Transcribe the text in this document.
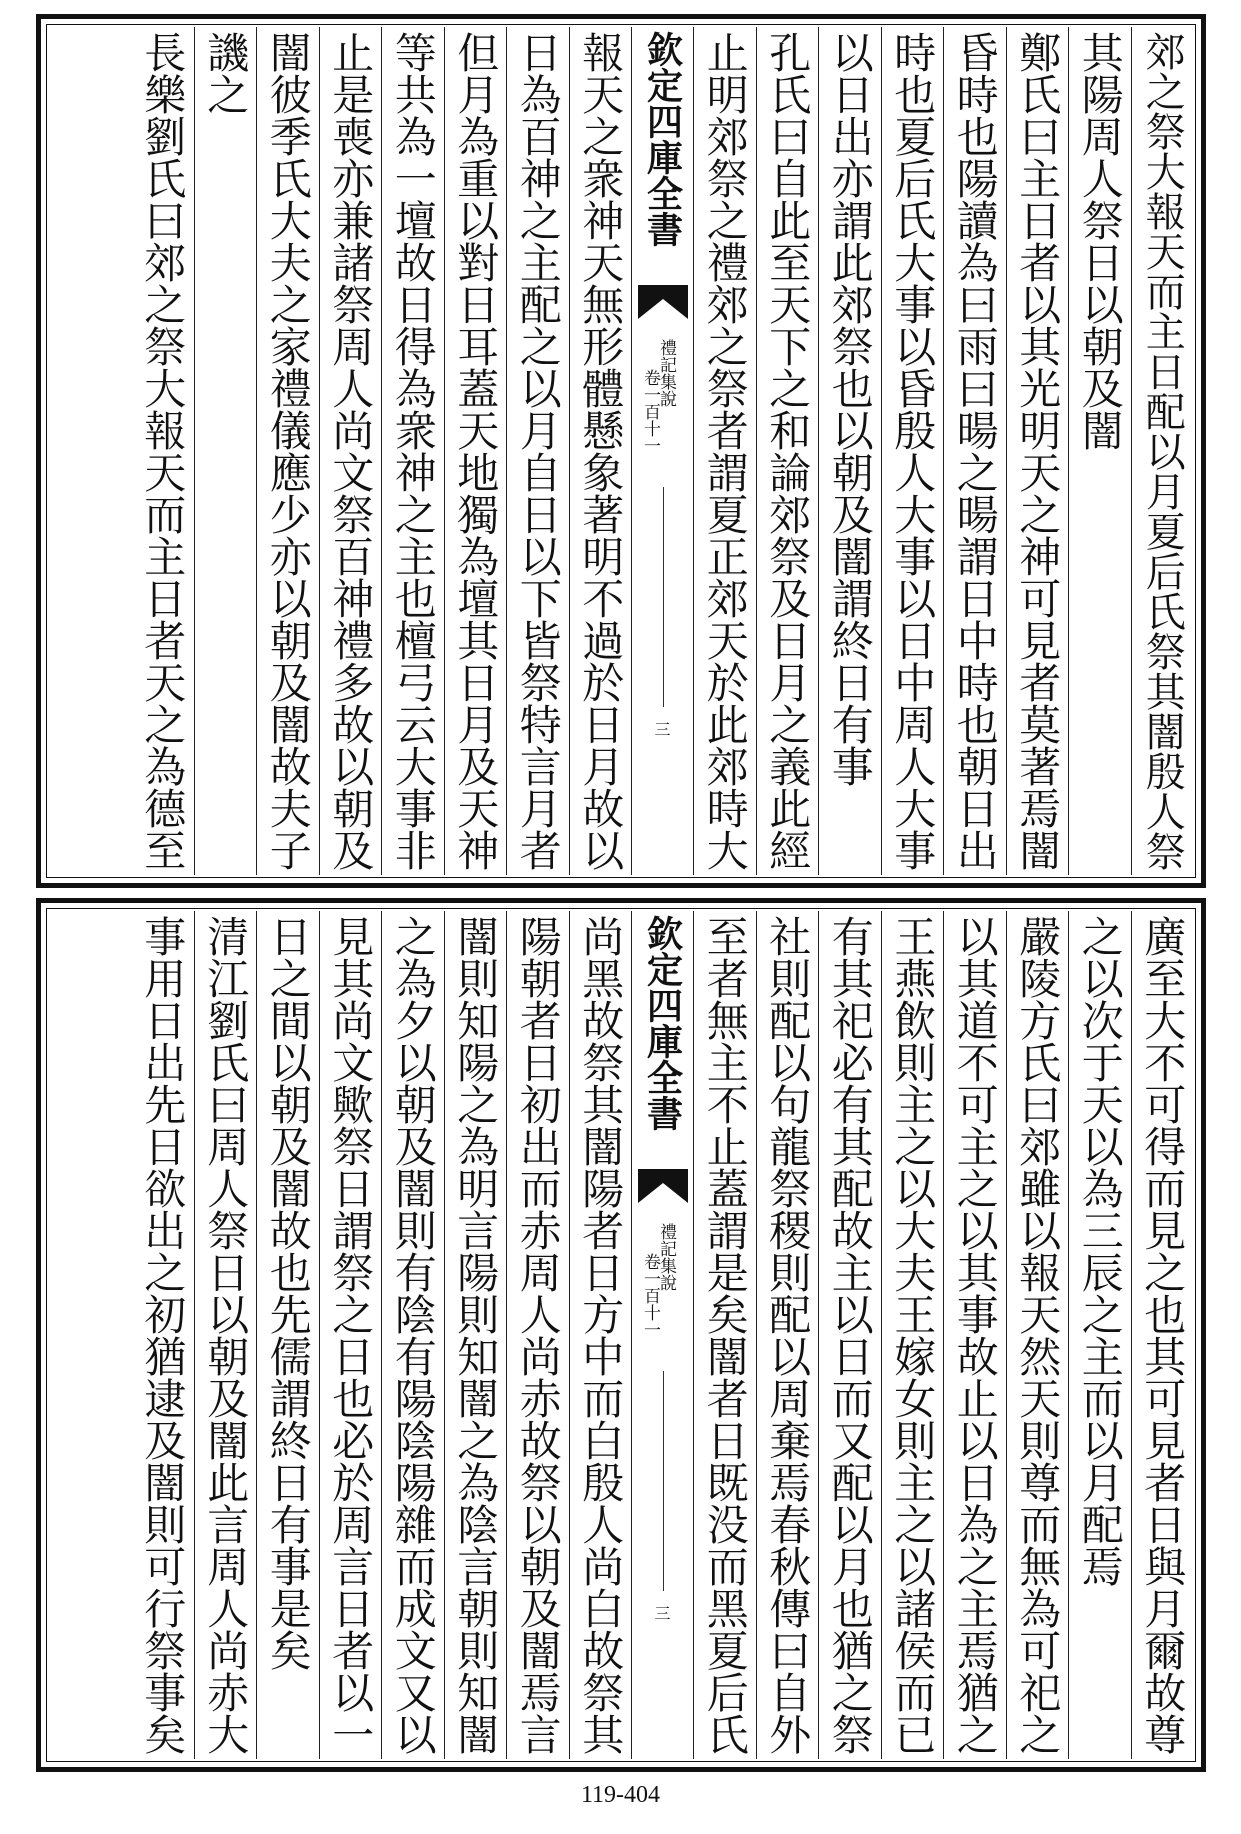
郊之祭大報天而主日配以月夏后氏祭其闇殷人祭
其陽周人祭日以朝及闇
鄭氏曰主日者以其光明天之神可見者莫著焉闇
昏時也陽讀為曰雨曰暘之暘謂日中時也朝日出
時也夏后氏大事以昏殷人大事以日中周人大事
以日出亦謂此郊祭也以朝及闇謂終日有事
孔氏曰自此至天下之和論郊祭及日月之義此經
止明郊祭之禮郊之祭者謂夏正郊天於此郊時大
欽定四庫全書
禮記集說
卷一百十一
三
報天之衆神天無形體懸象著明不過於日月故以
日為百神之主配之以月自日以下皆祭特言月者
但月為重以對日耳蓋天地獨為壇其日月及天神
等共為一壇故日得為衆神之主也檀弓云大事非
止是喪亦兼諸祭周人尚文祭百神禮多故以朝及
闇彼季氏大夫之家禮儀應少亦以朝及闇故夫子
譏之
長樂劉氏曰郊之祭大報天而主日者天之為德至
廣至大不可得而見之也其可見者日與月爾故尊
之以次于天以為三辰之主而以月配焉
嚴陵方氏曰郊雖以報天然天則尊而無為可祀之
以其道不可主之以其事故止以日為之主焉猶之
王燕飲則主之以大夫王嫁女則主之以諸侯而已
有其祀必有其配故主以日而又配以月也猶之祭
社則配以句龍祭稷則配以周棄焉春秋傳曰自外
至者無主不止蓋謂是矣闇者日既没而黑夏后氏
欽定四庫全書
禮記集說
卷一百十一
三
尚黑故祭其闇陽者日方中而白殷人尚白故祭其
陽朝者日初出而赤周人尚赤故祭以朝及闇焉言
闇則知陽之為明言陽則知闇之為陰言朝則知闇
之為夕以朝及闇則有陰有陽陰陽雜而成文又以
見其尚文歟祭日謂祭之日也必於周言日者以一
日之間以朝及闇故也先儒謂終日有事是矣
清江劉氏曰周人祭日以朝及闇此言周人尚赤大
事用日出先日欲出之初猶逮及闇則可行祭事矣
119-404
